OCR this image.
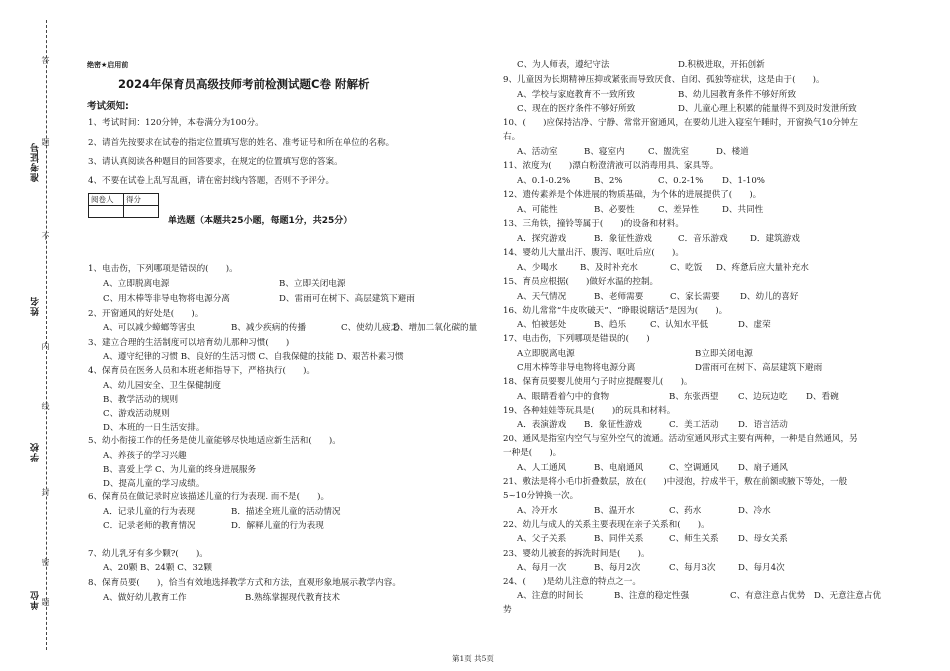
答
题
不
内
线
封
密
题
准考证号
姓名
学校
单位
绝密★启用前
2024年保育员高级技师考前检测试题C卷 附解析
考试须知:
1、考试时间：120分钟，本卷满分为100分。
2、请首先按要求在试卷的指定位置填写您的姓名、准考证号和所在单位的名称。
3、请认真阅读各种题目的回答要求，在规定的位置填写您的答案。
4、不要在试卷上乱写乱画，请在密封线内答题，否则不予评分。
阅卷人	得分

单选题（本题共25小题，每题1分，共25分）
1、电击伤，下列哪项是错误的(　　)。
A、立即脱离电源	B、立即关闭电源
C、用木棒等非导电物将电源分离	D、雷雨可在树下、高层建筑下避雨
2、开窗通风的好处是(　　)。
A、可以减少蟑螂等害虫	B、减少疾病的传播	C、使幼儿疲乏
D、增加二氧化碳的量
3、建立合理的生活制度可以培育幼儿那种习惯(　　)
A、遵守纪律的习惯 B、良好的生活习惯 C、自我保健的技能 D、艰苦朴素习惯
4、保育员在医务人员和本班老师指导下，严格执行(　　)。
A、幼儿园安全、卫生保健制度
B、教学活动的规则
C、游戏活动规则
D、本班的一日生活安排。
5、幼小衔接工作的任务是使儿童能够尽快地适应新生活和(　　)。
A、养孩子的学习兴趣
B、喜爱上学 C、为儿童的终身进展服务
D、提高儿童的学习成绩。
6、保育员在做记录时应该描述儿童的行为表现. 而不是(　　)。
A．记录儿童的行为表现	B．描述全班儿童的活动情况
C．记录老师的教育情况	D．解释儿童的行为表现
7、幼儿乳牙有多少颗?(　　)。
A、20颗 B、24颗 C、32颗
8、保育员要(　　)，恰当有效地选择教学方式和方法，直观形象地展示教学内容。
A、做好幼儿教育工作	B.熟练掌握现代教育技术
C、为人师表，遵纪守法	D.积极进取，开拓创新
9、儿童因为长期精神压抑或紧张而导致厌食、自闭、孤独等症状，这是由于(　　)。
A、学校与家庭教育不一致所致	B、幼儿园教育条件不够好所致
C、现在的医疗条件不够好所致	D、儿童心理上积累的能量得不到及时发泄所致
10、(　　)应保持洁净、宁静、常常开窗通风，在要幼儿进入寝室午睡时，开窗换气10分钟左
右。
A、活动室	B、寝室内	C、盥洗室	D、楼道
11、浓度为(　　)漂白粉澄清液可以消毒用具、家具等。
A、0.1-0.2%	B、2%	C、0.2-1% D、1-10%
12、遗传素养是个体进展的物质基础，为个体的进展提供了(　　)。
A、可能性	B、必要性	C、差异性	D、共同性
13、三角铁，撞铃等属于(　　)的设备和材料。
A．探究游戏	B．象征性游戏	C．音乐游戏	D．建筑游戏
14、婴幼儿大量出汗、腹泻、呕吐后应(　　)。
A、少喝水	B、及时补充水	C、吃饭 D、疼惫后应大量补充水
15、育员应根据(　　)做好水温的控制。
A、天气情况	B、老师需要	C、家长需要 D、幼儿的喜好
16、幼儿常常“牛皮吹破天”、“睁眼说瞎话”是因为(　　)。
A、怕被惩处	B、趋乐	C、认知水平低	D、虚荣
17、电击伤，下列哪项是错误的(　　)
A立即脱离电源	B立即关闭电源
C用木棒等非导电物将电源分离	D雷雨可在树下、高层建筑下避雨
18、保育员要婴儿使用勺子时应提醒婴儿(　　)。
A、眼睛看着勺中的食物	B、东张西望 C、边玩边吃 D、看碗
19、各种娃娃等玩具是(　　)的玩具和材料。
A．表演游戏 B．象征性游戏	C．美工活动 D．语言活动
20、通风是指室内空气与室外空气的流通。活动室通风形式主要有两种，一种是自然通风，另
一种是(　　)。
A、人工通风	B、电扇通风	C、空调通风 D、扇子通风
21、敷法是将小毛巾折叠数层，放在(　　)中浸泡，拧成半干，敷在前额或腋下等处，一般
5~10分钟换一次。
A、冷开水	B、温开水	C、药水	D、冷水
22、幼儿与成人的关系主要表现在亲子关系和(　　)。
A、父子关系	B、同伴关系	C、师生关系 D、母女关系
23、婴幼儿被套的拆洗时间是(　　)。
A、每月一次	B、每月2次	C、每月3次	D、每月4次
24、(　　)是幼儿注意的特点之一。
A、注意的时间长	B、注意的稳定性强	C、有意注意占优势 D、无意注意占优
势
第1页 共5页
